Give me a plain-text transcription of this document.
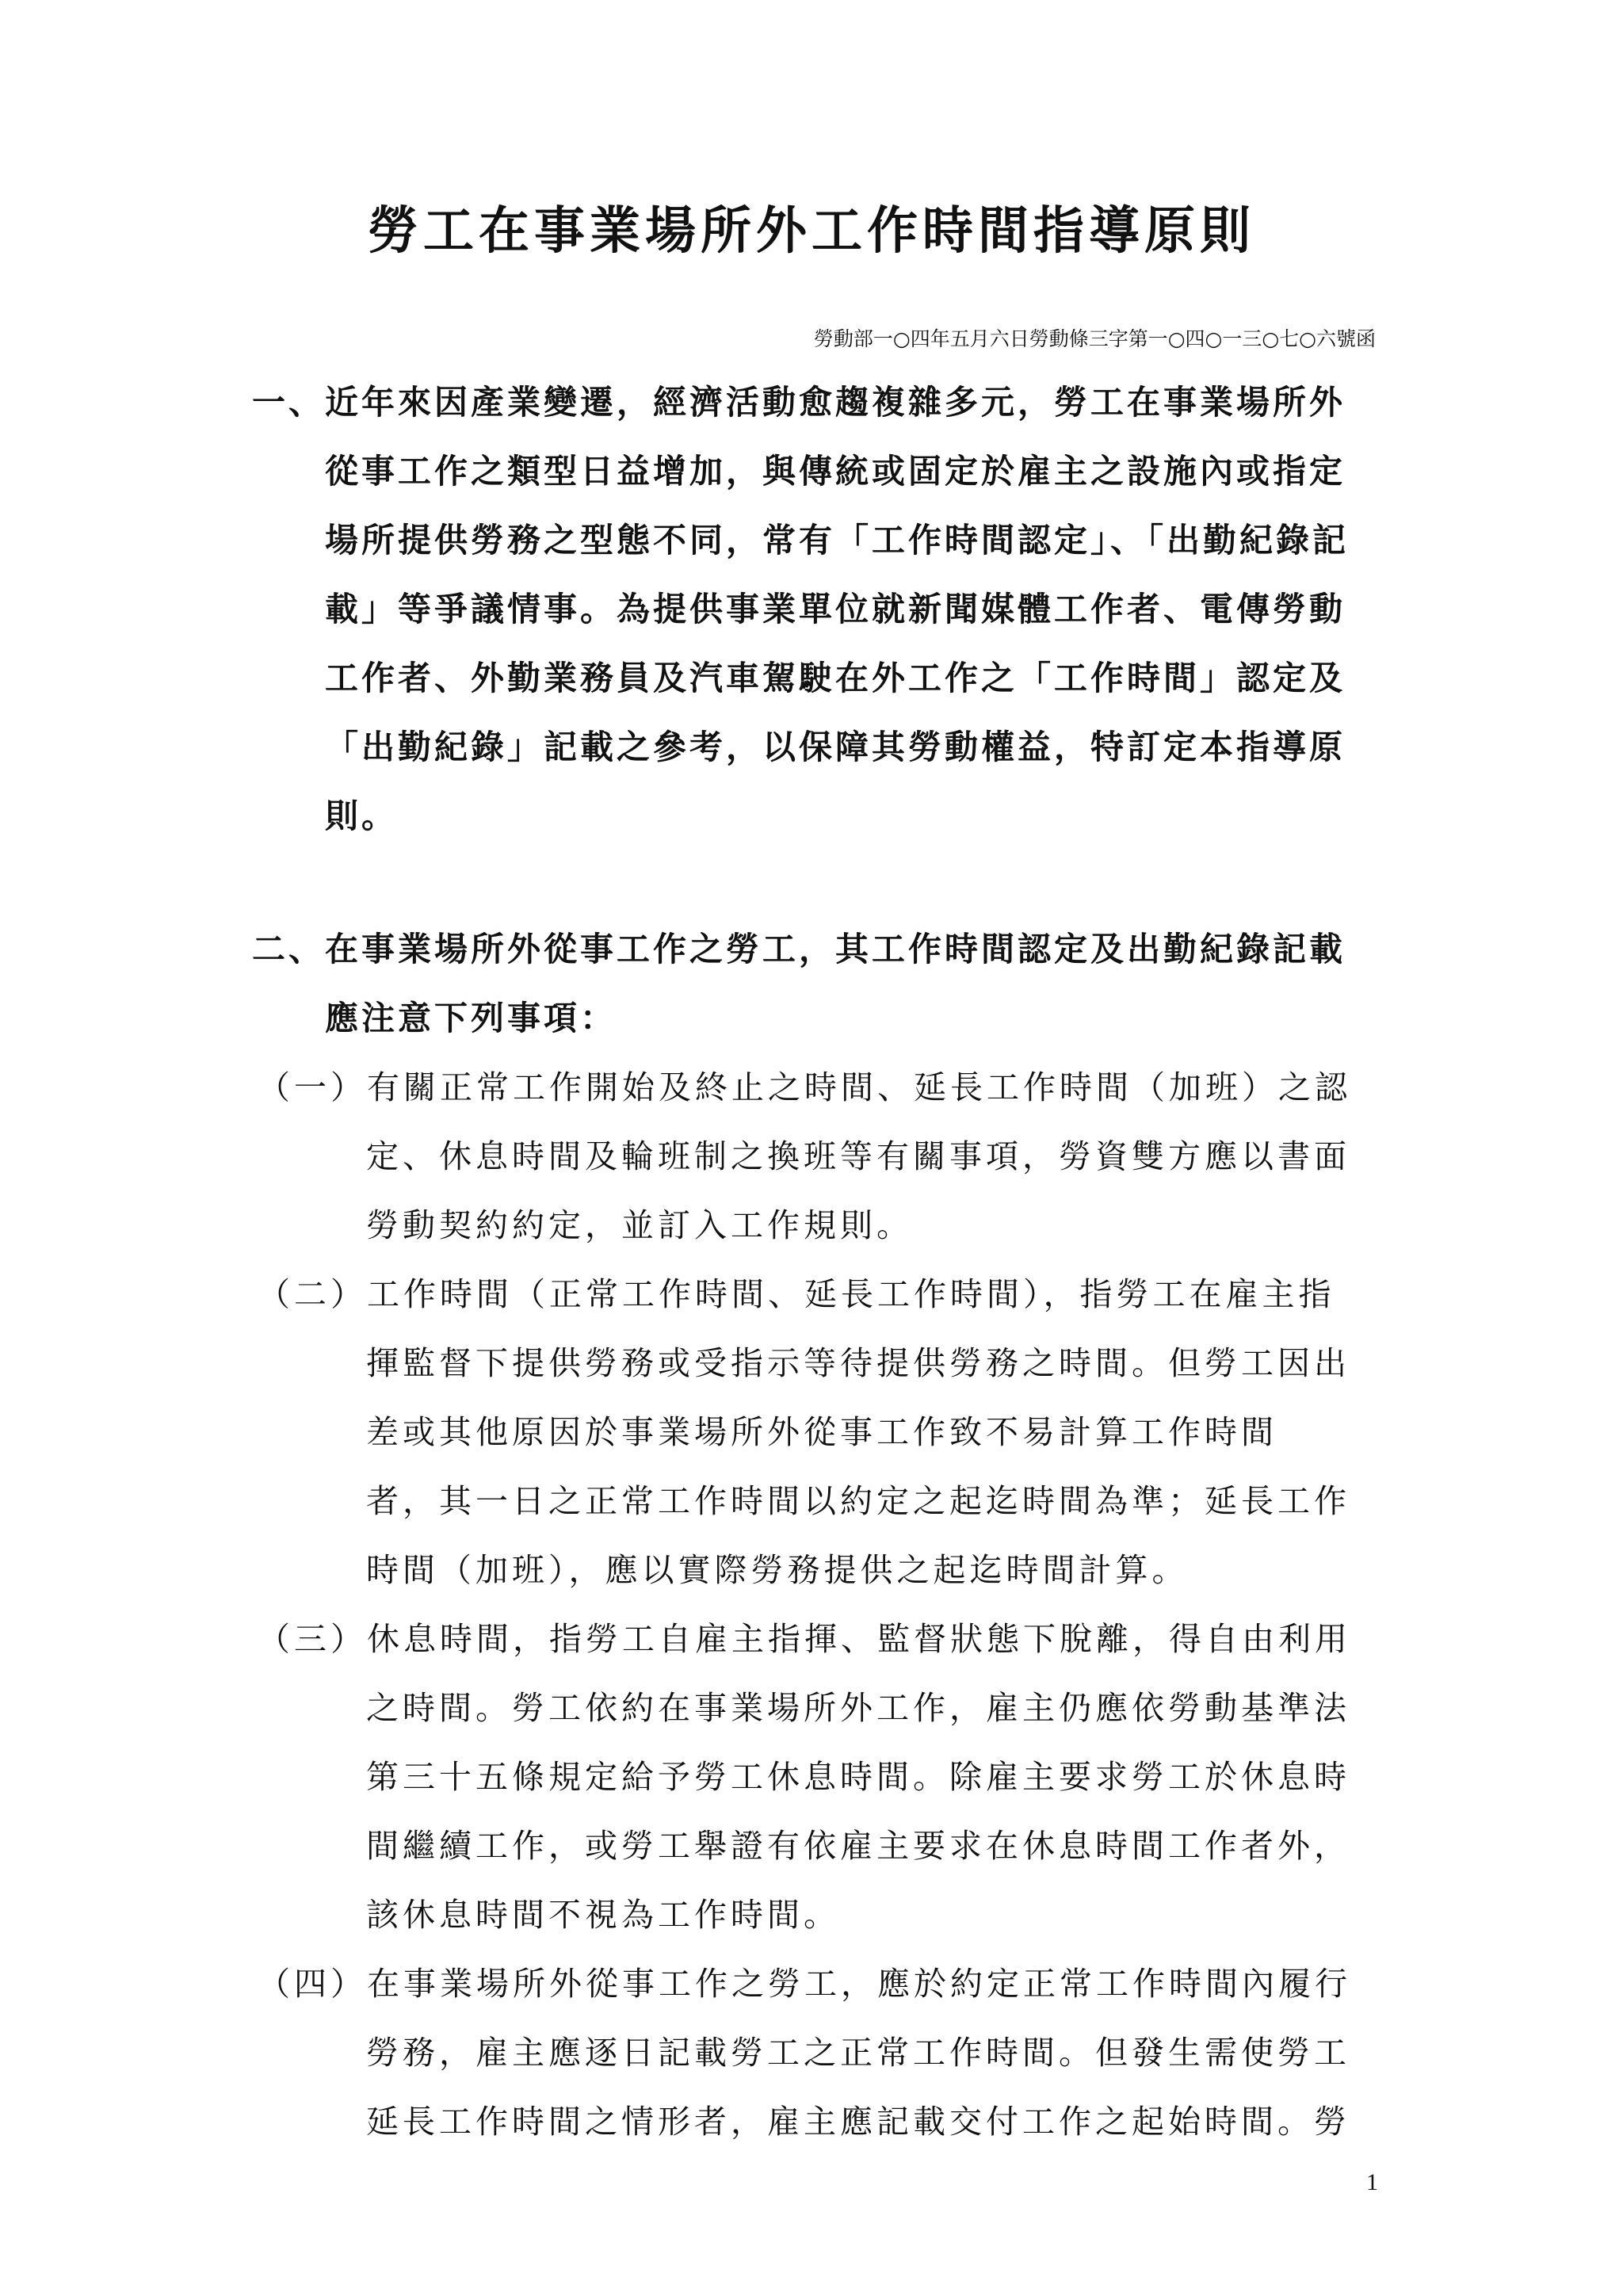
勞工在事業場所外工作時間指導原則
勞動部一○四年五月六日勞動條三字第一○四○一三○七○六號函
一、近年來因產業變遷，經濟活動愈趨複雜多元，勞工在事業場所外
從事工作之類型日益增加，與傳統或固定於雇主之設施內或指定
場所提供勞務之型態不同，常有「工作時間認定」、「出勤紀錄記
載」等爭議情事。為提供事業單位就新聞媒體工作者、電傳勞動
工作者、外勤業務員及汽車駕駛在外工作之「工作時間」認定及
「出勤紀錄」記載之參考，以保障其勞動權益，特訂定本指導原
則。
二、在事業場所外從事工作之勞工，其工作時間認定及出勤紀錄記載
應注意下列事項：
（一）有關正常工作開始及終止之時間、延長工作時間（加班）之認
定、休息時間及輪班制之換班等有關事項，勞資雙方應以書面
勞動契約約定，並訂入工作規則。
（二）工作時間（正常工作時間、延長工作時間），指勞工在雇主指
揮監督下提供勞務或受指示等待提供勞務之時間。但勞工因出
差或其他原因於事業場所外從事工作致不易計算工作時間
者，其一日之正常工作時間以約定之起迄時間為準；延長工作
時間（加班），應以實際勞務提供之起迄時間計算。
（三）休息時間，指勞工自雇主指揮、監督狀態下脫離，得自由利用
之時間。勞工依約在事業場所外工作，雇主仍應依勞動基準法
第三十五條規定給予勞工休息時間。除雇主要求勞工於休息時
間繼續工作，或勞工舉證有依雇主要求在休息時間工作者外，
該休息時間不視為工作時間。
（四）在事業場所外從事工作之勞工，應於約定正常工作時間內履行
勞務，雇主應逐日記載勞工之正常工作時間。但發生需使勞工
延長工作時間之情形者，雇主應記載交付工作之起始時間。勞
1
